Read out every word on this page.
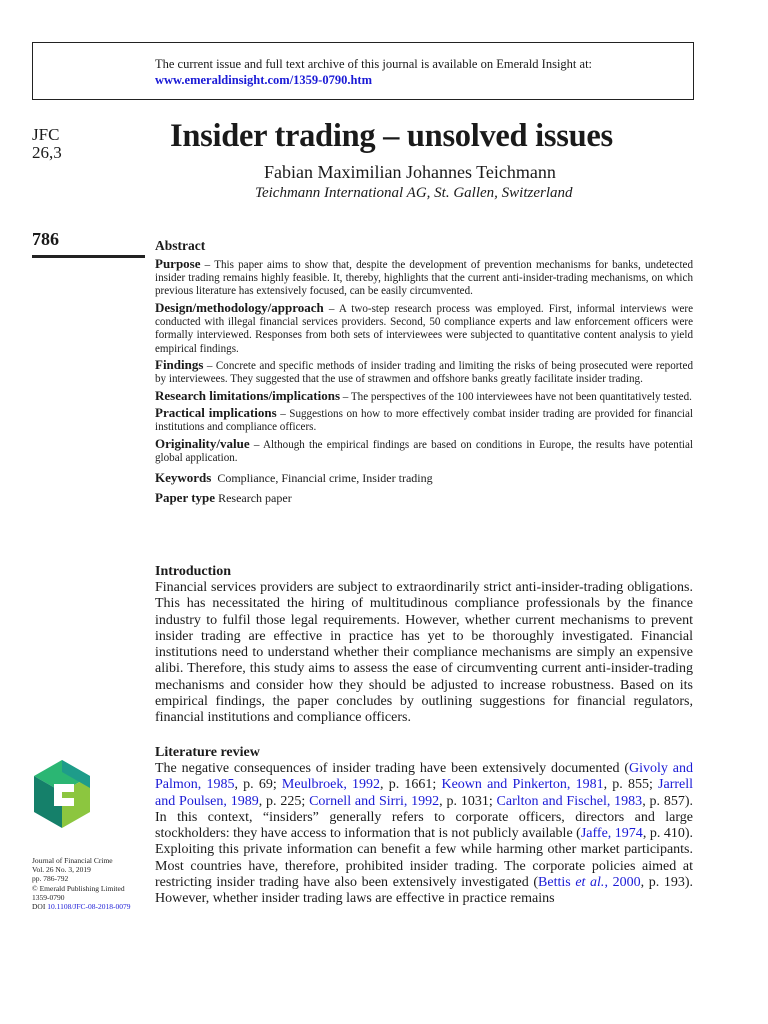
The current issue and full text archive of this journal is available on Emerald Insight at:
www.emeraldinsight.com/1359-0790.htm
JFC
26,3
786
Journal of Financial Crime
Vol. 26 No. 3, 2019
pp. 786-792
© Emerald Publishing Limited
1359-0790
DOI 10.1108/JFC-08-2018-0079
Insider trading – unsolved issues
Fabian Maximilian Johannes Teichmann
Teichmann International AG, St. Gallen, Switzerland
Abstract
Purpose – This paper aims to show that, despite the development of prevention mechanisms for banks, undetected insider trading remains highly feasible. It, thereby, highlights that the current anti-insider-trading mechanisms, on which previous literature has extensively focused, can be easily circumvented.
Design/methodology/approach – A two-step research process was employed. First, informal interviews were conducted with illegal financial services providers. Second, 50 compliance experts and law enforcement officers were formally interviewed. Responses from both sets of interviewees were subjected to quantitative content analysis to yield empirical findings.
Findings – Concrete and specific methods of insider trading and limiting the risks of being prosecuted were reported by interviewees. They suggested that the use of strawmen and offshore banks greatly facilitate insider trading.
Research limitations/implications – The perspectives of the 100 interviewees have not been quantitatively tested.
Practical implications – Suggestions on how to more effectively combat insider trading are provided for financial institutions and compliance officers.
Originality/value – Although the empirical findings are based on conditions in Europe, the results have potential global application.
Keywords Compliance, Financial crime, Insider trading
Paper type Research paper
Introduction
Financial services providers are subject to extraordinarily strict anti-insider-trading obligations. This has necessitated the hiring of multitudinous compliance professionals by the finance industry to fulfil those legal requirements. However, whether current mechanisms to prevent insider trading are effective in practice has yet to be thoroughly investigated. Financial institutions need to understand whether their compliance mechanisms are simply an expensive alibi. Therefore, this study aims to assess the ease of circumventing current anti-insider-trading mechanisms and consider how they should be adjusted to increase robustness. Based on its empirical findings, the paper concludes by outlining suggestions for financial regulators, financial institutions and compliance officers.
Literature review
The negative consequences of insider trading have been extensively documented (Givoly and Palmon, 1985, p. 69; Meulbroek, 1992, p. 1661; Keown and Pinkerton, 1981, p. 855; Jarrell and Poulsen, 1989, p. 225; Cornell and Sirri, 1992, p. 1031; Carlton and Fischel, 1983, p. 857). In this context, “insiders” generally refers to corporate officers, directors and large stockholders: they have access to information that is not publicly available (Jaffe, 1974, p. 410). Exploiting this private information can benefit a few while harming other market participants. Most countries have, therefore, prohibited insider trading. The corporate policies aimed at restricting insider trading have also been extensively investigated (Bettis et al., 2000, p. 193). However, whether insider trading laws are effective in practice remains
